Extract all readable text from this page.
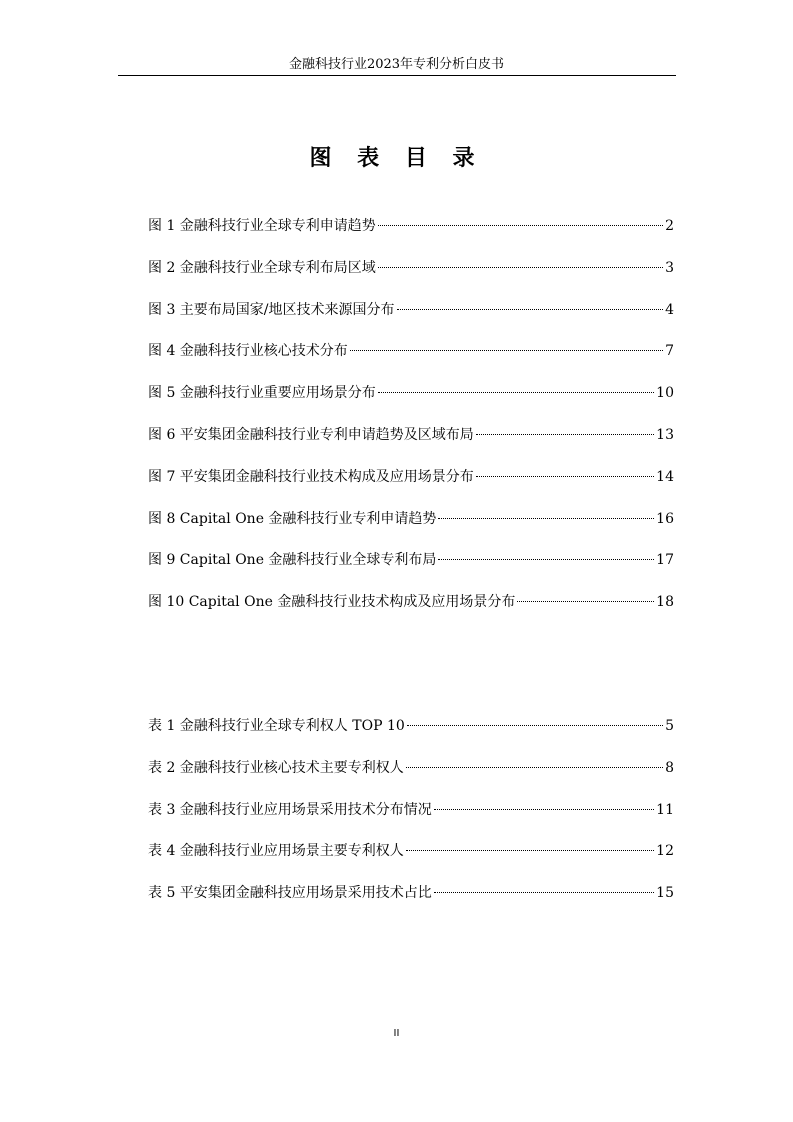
金融科技行业2023年专利分析白皮书
图 表 目 录
图 1 金融科技行业全球专利申请趋势	2
图 2 金融科技行业全球专利布局区域	3
图 3 主要布局国家/地区技术来源国分布	4
图 4 金融科技行业核心技术分布	7
图 5 金融科技行业重要应用场景分布	10
图 6 平安集团金融科技行业专利申请趋势及区域布局	13
图 7 平安集团金融科技行业技术构成及应用场景分布	14
图 8 Capital One 金融科技行业专利申请趋势	16
图 9 Capital One 金融科技行业全球专利布局	17
图 10 Capital One 金融科技行业技术构成及应用场景分布	18
表 1 金融科技行业全球专利权人 TOP 10	5
表 2 金融科技行业核心技术主要专利权人	8
表 3 金融科技行业应用场景采用技术分布情况	11
表 4 金融科技行业应用场景主要专利权人	12
表 5 平安集团金融科技应用场景采用技术占比	15
II
